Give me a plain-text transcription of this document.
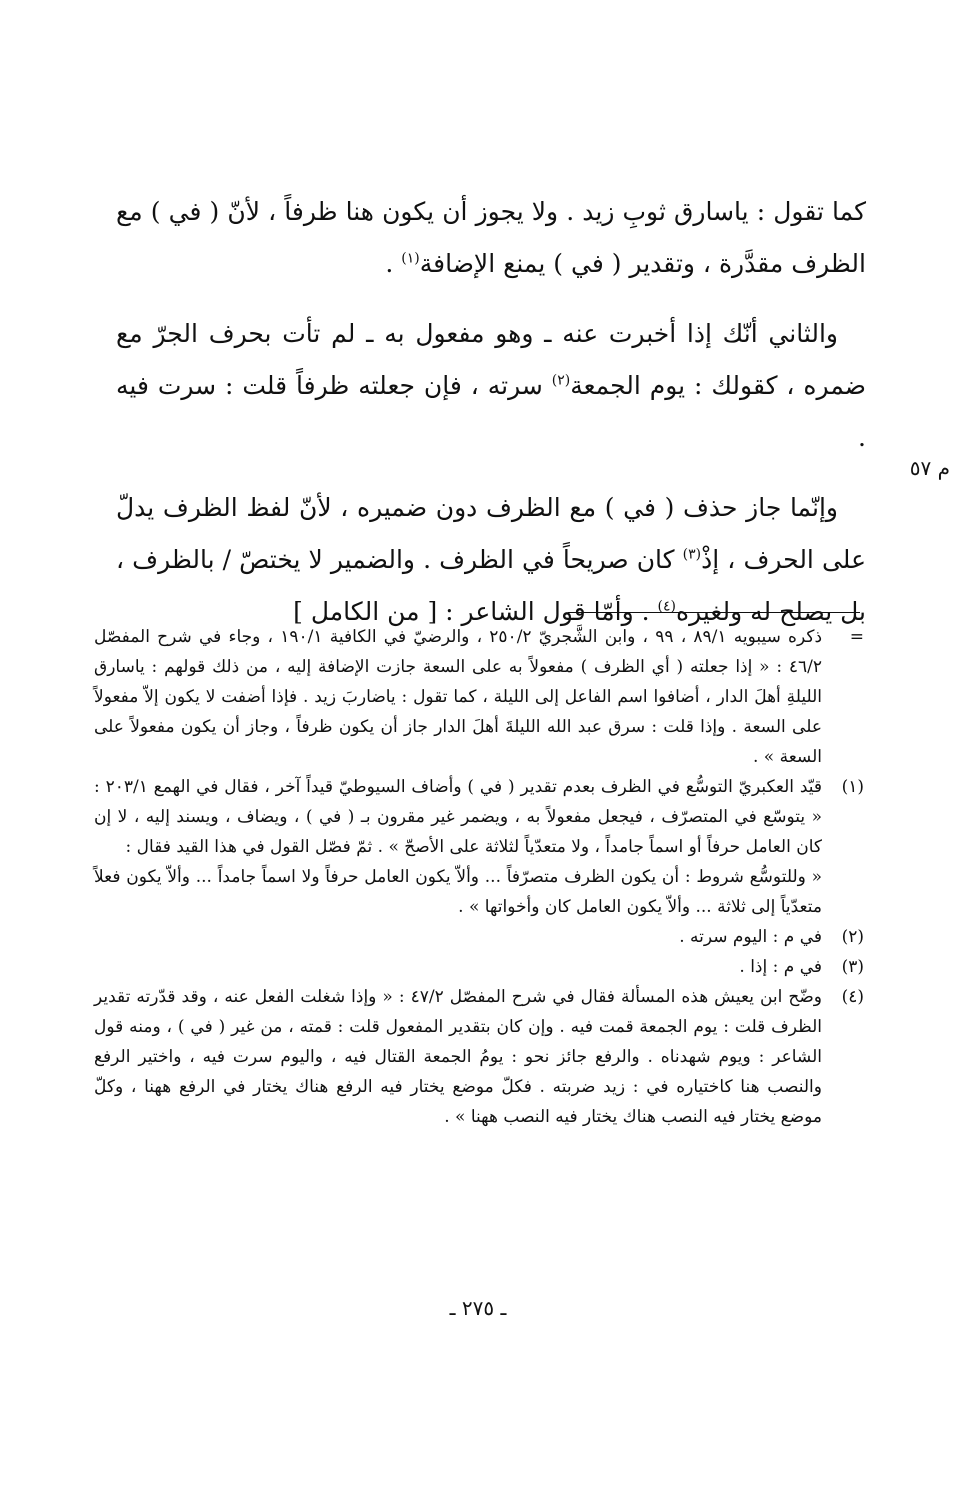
كما تقول : ياسارق ثوبِ زيد . ولا يجوز أن يكون هنا ظرفاً ، لأنّ ( في ) مع الظرف مقدَّرة ، وتقدير ( في ) يمنع الإضافة$^{(١)}$ .

والثاني أنّك إذا أخبرت عنه ـ وهو مفعول به ـ لم تأت بحرف الجرّ مع ضمره ، كقولك : يوم الجمعة$^{(٢)}$ سرته ، فإن جعلته ظرفاً قلت : سرت فيه .

وإنّما جاز حذف ( في ) مع الظرف دون ضميره ، لأنّ لفظ الظرف يدلّ على الحرف ، إذْ$^{(٣)}$ كان صريحاً في الظرف . والضمير لا يختصّ / بالظرف ، بل يصلح له ولغيره$^{(٤)}$ . وأمّا قول الشاعر : [ من الكامل ]

م ٥٧
=
ذكره سيبويه ٨٩/١ ، ٩٩ ، وابن الشَّجريّ ٢٥٠/٢ ، والرضيّ في الكافية ١٩٠/١ ، وجاء في شرح المفصّل ٤٦/٢ : « إذا جعلته ( أي الظرف ) مفعولاً به على السعة جازت الإضافة إليه ، من ذلك قولهم : ياسارق الليلةِ أهلَ الدار ، أضافوا اسم الفاعل إلى الليلة ، كما تقول : ياضاربَ زيد . فإذا أضفت لا يكون إلاّ مفعولاً على السعة . وإذا قلت : سرق عبد الله الليلةَ أهلَ الدار جاز أن يكون ظرفاً ، وجاز أن يكون مفعولاً على السعة » .
(١)
قيّد العكبريّ التوسُّع في الظرف بعدم تقدير ( في ) وأضاف السيوطيّ قيداً آخر ، فقال في الهمع ٢٠٣/١ : « يتوسّع في المتصرّف ، فيجعل مفعولاً به ، ويضمر غير مقرون بـ ( في ) ، ويضاف ، ويسند إليه ، لا إن كان العامل حرفاً أو اسماً جامداً ، ولا متعدّياً لثلاثة على الأصحّ » . ثمّ فصّل القول في هذا القيد فقال :
« وللتوسُّع شروط : أن يكون الظرف متصرّفاً ... وألاّ يكون العامل حرفاً ولا اسماً جامداً ... وألاّ يكون فعلاً متعدّياً إلى ثلاثة ... وألاّ يكون العامل كان وأخواتها » .
(٢)
في م : اليوم سرته .
(٣)
في م : إذا .
(٤)
وضّح ابن يعيش هذه المسألة فقال في شرح المفصّل ٤٧/٢ : « وإذا شغلت الفعل عنه ، وقد قدّرته تقدير الظرف قلت : يوم الجمعة قمت فيه . وإن كان بتقدير المفعول قلت : قمته ، من غير ( في ) ، ومنه قول الشاعر : ويوم شهدناه . والرفع جائز نحو : يومُ الجمعة القتال فيه ، واليوم سرت فيه ، واختير الرفع والنصب هنا كاختياره في : زيد ضربته . فكلّ موضع يختار فيه الرفع هناك يختار في الرفع ههنا ، وكلّ موضع يختار فيه النصب هناك يختار فيه النصب ههنا » .
ـ ٢٧٥ ـ
